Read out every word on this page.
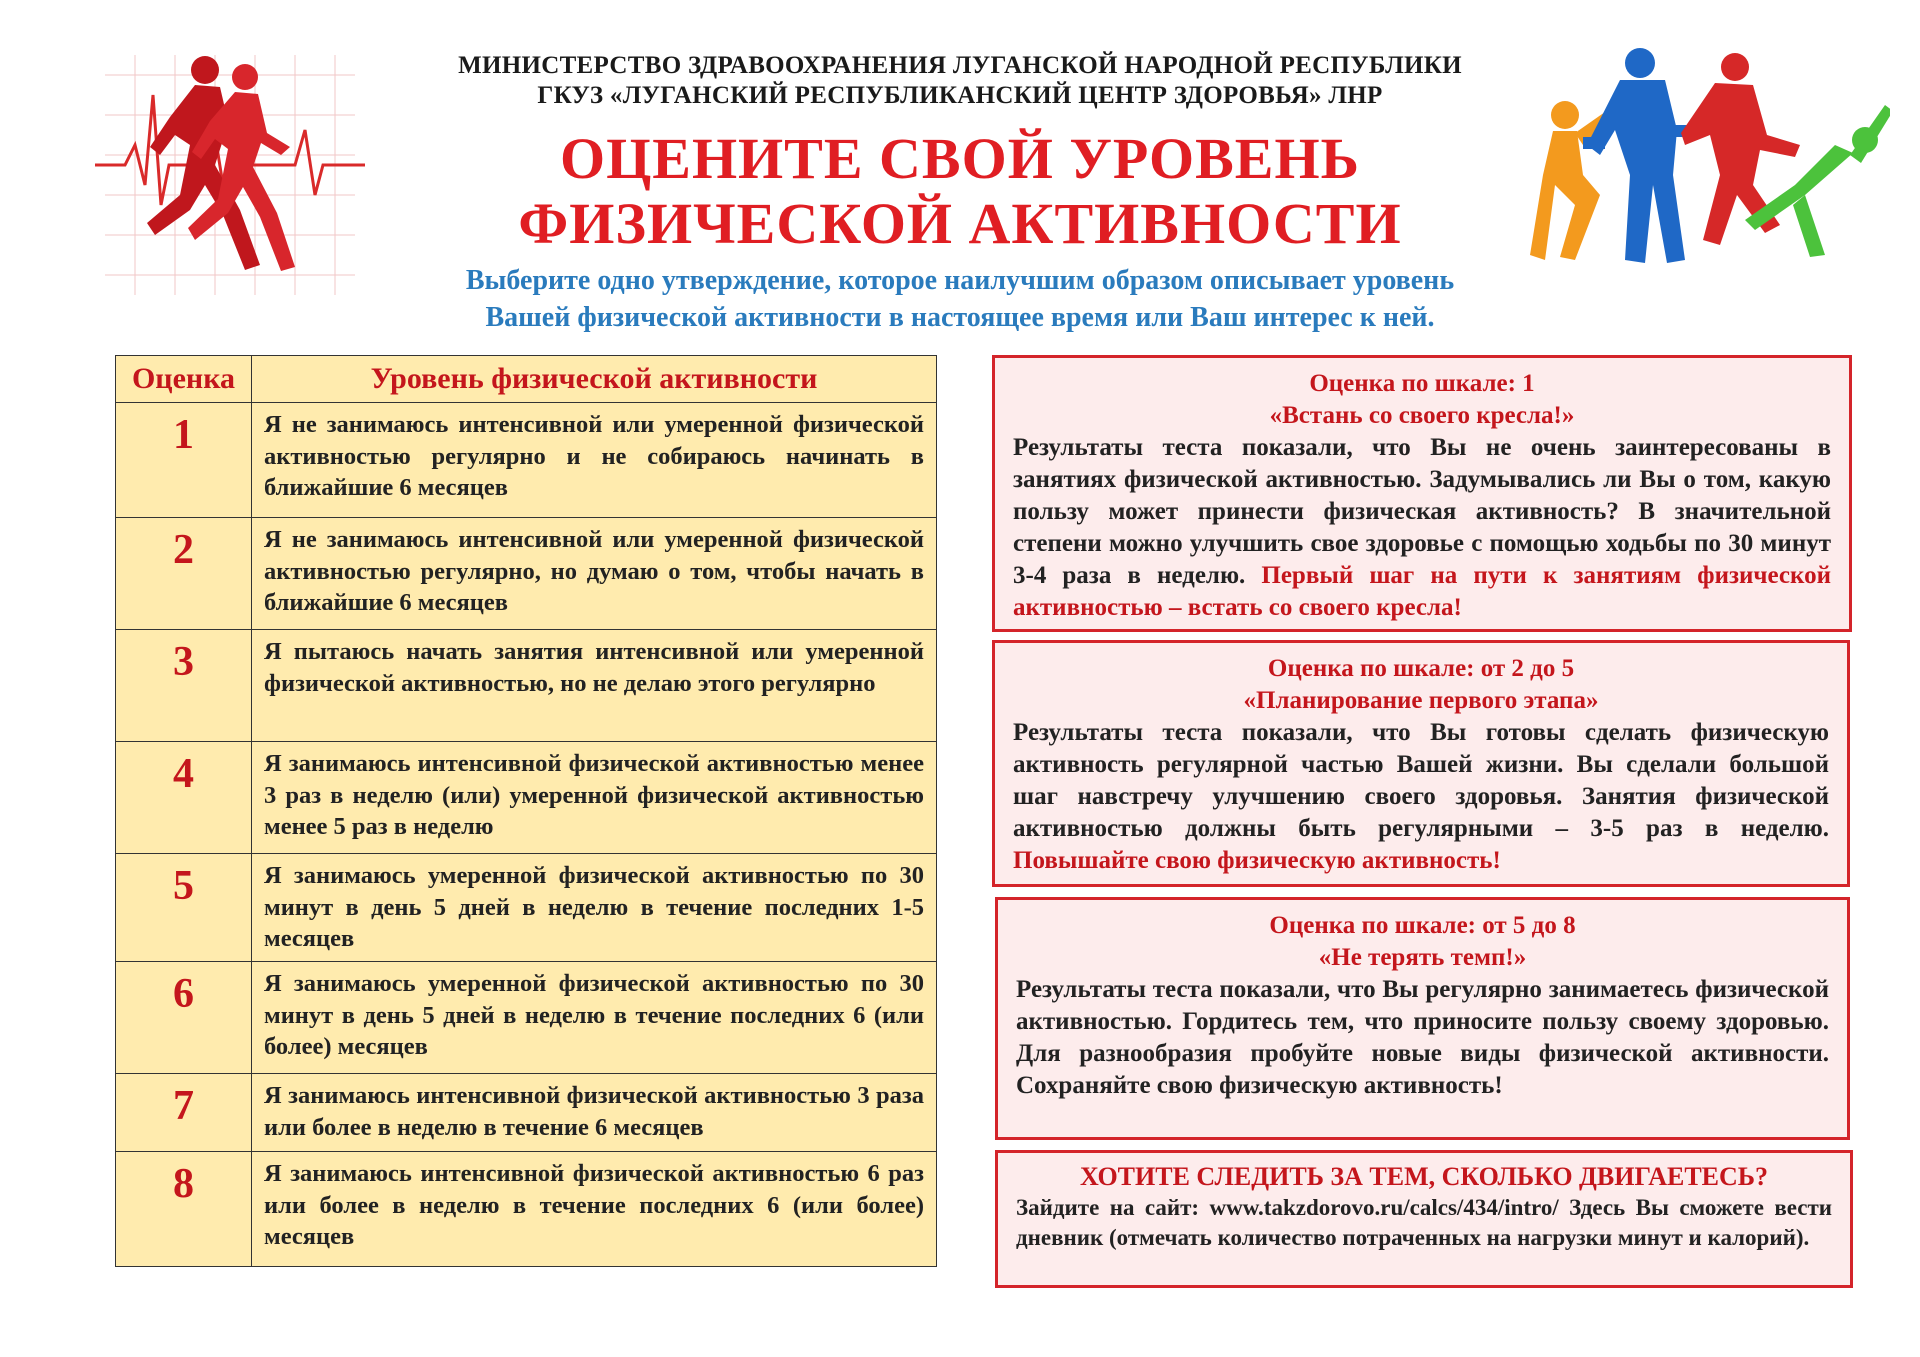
МИНИСТЕРСТВО ЗДРАВООХРАНЕНИЯ ЛУГАНСКОЙ НАРОДНОЙ РЕСПУБЛИКИ
ГКУЗ «ЛУГАНСКИЙ РЕСПУБЛИКАНСКИЙ ЦЕНТР ЗДОРОВЬЯ» ЛНР
ОЦЕНИТЕ СВОЙ УРОВЕНЬ
ФИЗИЧЕСКОЙ АКТИВНОСТИ
Выберите одно утверждение, которое наилучшим образом описывает уровень
Вашей физической активности в настоящее время или Ваш интерес к ней.
Оценка	Уровень физической активности
1	Я не занимаюсь интенсивной или умеренной физической активностью регулярно и не собираюсь начинать в ближайшие 6 месяцев
2	Я не занимаюсь интенсивной или умеренной физической активностью регулярно, но думаю о том, чтобы начать в ближайшие 6 месяцев
3	Я пытаюсь начать занятия интенсивной или умеренной физической активностью, но не делаю этого регулярно
4	Я занимаюсь интенсивной физической активностью менее 3 раз в неделю (или) умеренной физической активностью менее 5 раз в неделю
5	Я занимаюсь умеренной физической активностью по 30 минут в день 5 дней в неделю в течение последних 1-5 месяцев
6	Я занимаюсь умеренной физической активностью по 30 минут в день 5 дней в неделю в течение последних 6 (или более) месяцев
7	Я занимаюсь интенсивной физической активностью 3 раза или более в неделю в течение 6 месяцев
8	Я занимаюсь интенсивной физической активностью 6 раз или более в неделю в течение последних 6 (или более) месяцев
Оценка по шкале: 1
«Встань со своего кресла!»
Результаты теста показали, что Вы не очень заинтересованы в занятиях физической активностью. Задумывались ли Вы о том, какую пользу может принести физическая активность? В значительной степени можно улучшить свое здоровье с помощью ходьбы по 30 минут 3-4 раза в неделю. Первый шаг на пути к занятиям физической активностью – встать со своего кресла!
Оценка по шкале: от 2 до 5
«Планирование первого этапа»
Результаты теста показали, что Вы готовы сделать физическую активность регулярной частью Вашей жизни. Вы сделали большой шаг навстречу улучшению своего здоровья. Занятия физической активностью должны быть регулярными – 3-5 раз в неделю. Повышайте свою физическую активность!
Оценка по шкале: от 5 до 8
«Не терять темп!»
Результаты теста показали, что Вы регулярно занимаетесь физической активностью. Гордитесь тем, что приносите пользу своему здоровью. Для разнообразия пробуйте новые виды физической активности. Сохраняйте свою физическую активность!
ХОТИТЕ СЛЕДИТЬ ЗА ТЕМ, СКОЛЬКО ДВИГАЕТЕСЬ?
Зайдите на сайт: www.takzdorovo.ru/calcs/434/intro/ Здесь Вы сможете вести дневник (отмечать количество потраченных на нагрузки минут и калорий).
